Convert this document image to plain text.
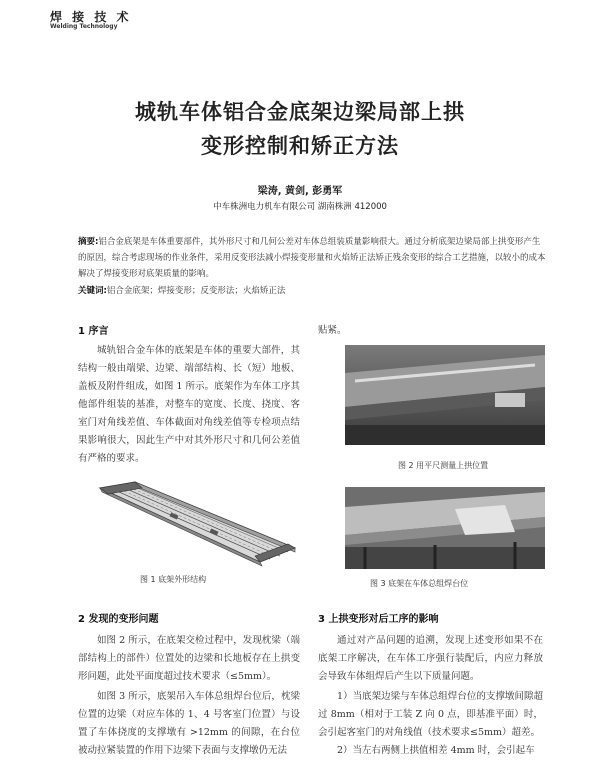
焊 接 技 术
Welding Technology
城轨车体铝合金底架边梁局部上拱
变形控制和矫正方法
梁涛, 黄剑, 彭勇军
中车株洲电力机车有限公司 湖南株洲 412000
摘要:铝合金底架是车体重要部件，其外形尺寸和几何公差对车体总组装质量影响很大。通过分析底架边梁局部上拱变形产生的原因，综合考虑现场的作业条件，采用反变形法减小焊接变形量和火焰矫正法矫正残余变形的综合工艺措施，以较小的成本解决了焊接变形对底架质量的影响。
关键词:铝合金底架；焊接变形；反变形法；火焰矫正法
1 序言
城轨铝合金车体的底架是车体的重要大部件，其结构一般由端梁、边梁、端部结构、长（短）地板、盖板及附件组成，如图 1 所示。底架作为车体工序其他部件组装的基准，对整车的宽度、长度、挠度、客室门对角线差值、车体截面对角线差值等专检项点结果影响很大，因此生产中对其外形尺寸和几何公差值有严格的要求。
图 1 底架外形结构
贴紧。
图 2 用平尺测量上拱位置
图 3 底架在车体总组焊台位
2 发现的变形问题
如图 2 所示，在底架交检过程中，发现枕梁（端部结构上的部件）位置处的边梁和长地板存在上拱变形问题，此处平面度超过技术要求（≤5mm）。
如图 3 所示，底架吊入车体总组焊台位后，枕梁位置的边梁（对应车体的 1、4 号客室门位置）与设置了车体挠度的支撑墩有 >12mm 的间隙，在台位被动拉紧装置的作用下边梁下表面与支撑墩仍无法
3 上拱变形对后工序的影响
通过对产品问题的追溯，发现上述变形如果不在底架工序解决，在车体工序强行装配后，内应力释放会导致车体组焊后产生以下质量问题。
1）当底架边梁与车体总组焊台位的支撑墩间隙超过 8mm（相对于工装 Z 向 0 点，即基准平面）时，会引起客室门的对角线值（技术要求≤5mm）超差。
2）当左右两侧上拱值相差 4mm 时，会引起车
